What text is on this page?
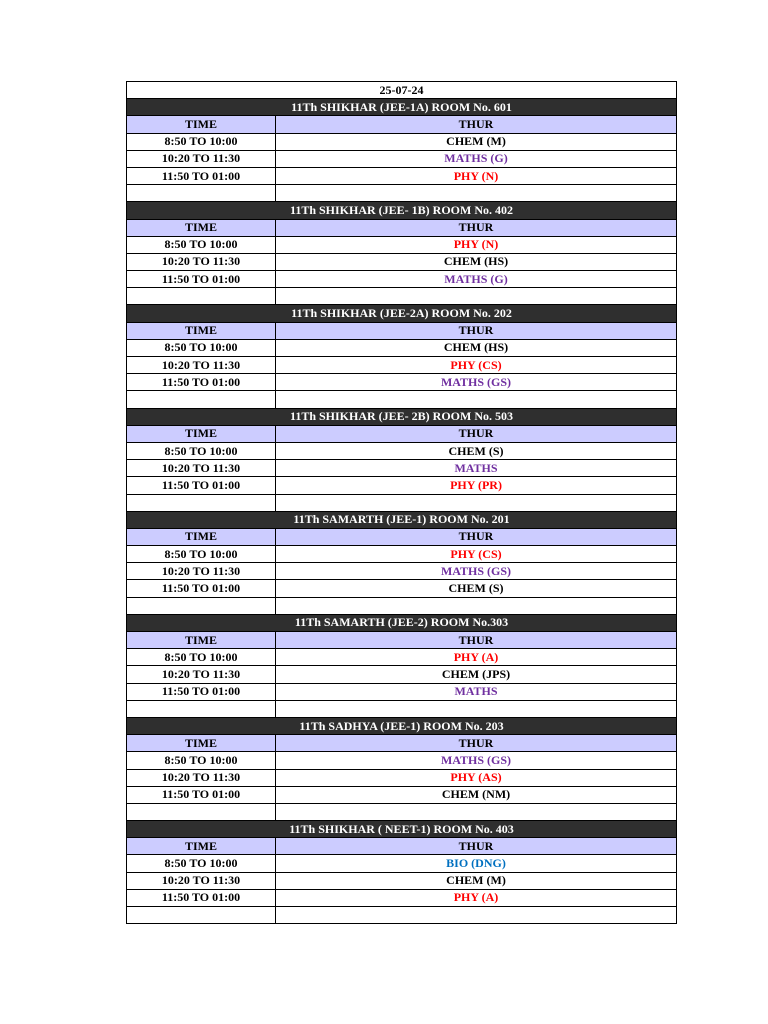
25-07-24	
11Th SHIKHAR (JEE-1A) ROOM No. 601	
TIME	THUR
8:50 TO 10:00	CHEM (M)
10:20 TO 11:30	MATHS (G)
11:50 TO 01:00	PHY (N)

11Th SHIKHAR (JEE- 1B) ROOM No. 402	
TIME	THUR
8:50 TO 10:00	PHY (N)
10:20 TO 11:30	CHEM (HS)
11:50 TO 01:00	MATHS (G)

11Th SHIKHAR (JEE-2A) ROOM No. 202	
TIME	THUR
8:50 TO 10:00	CHEM (HS)
10:20 TO 11:30	PHY (CS)
11:50 TO 01:00	MATHS (GS)

11Th SHIKHAR (JEE- 2B) ROOM No. 503	
TIME	THUR
8:50 TO 10:00	CHEM (S)
10:20 TO 11:30	MATHS
11:50 TO 01:00	PHY (PR)

11Th SAMARTH (JEE-1) ROOM No. 201	
TIME	THUR
8:50 TO 10:00	PHY (CS)
10:20 TO 11:30	MATHS (GS)
11:50 TO 01:00	CHEM (S)

11Th SAMARTH (JEE-2) ROOM No.303	
TIME	THUR
8:50 TO 10:00	PHY (A)
10:20 TO 11:30	CHEM (JPS)
11:50 TO 01:00	MATHS

11Th SADHYA (JEE-1) ROOM No. 203	
TIME	THUR
8:50 TO 10:00	MATHS (GS)
10:20 TO 11:30	PHY (AS)
11:50 TO 01:00	CHEM (NM)

11Th SHIKHAR ( NEET-1) ROOM No. 403	
TIME	THUR
8:50 TO 10:00	BIO (DNG)
10:20 TO 11:30	CHEM (M)
11:50 TO 01:00	PHY (A)
